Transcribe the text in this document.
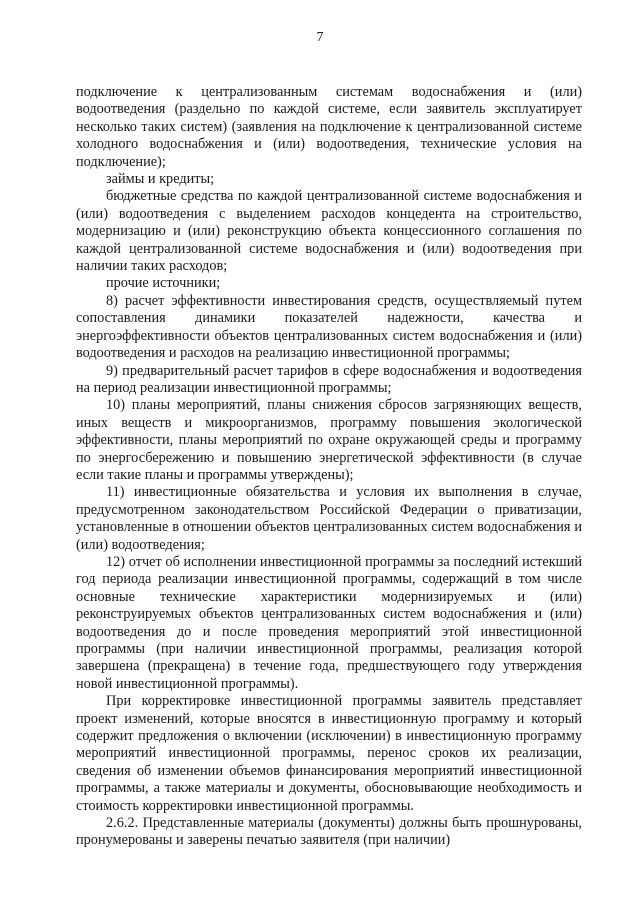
7

подключение к централизованным системам водоснабжения и (или) водоотведения (раздельно по каждой системе, если заявитель эксплуатирует несколько таких систем) (заявления на подключение к централизованной системе холодного водоснабжения и (или) водоотведения, технические условия на подключение);

займы и кредиты;

бюджетные средства по каждой централизованной системе водоснабжения и (или) водоотведения с выделением расходов концедента на строительство, модернизацию и (или) реконструкцию объекта концессионного соглашения по каждой централизованной системе водоснабжения и (или) водоотведения при наличии таких расходов;

прочие источники;

8) расчет эффективности инвестирования средств, осуществляемый путем сопоставления динамики показателей надежности, качества и энергоэффективности объектов централизованных систем водоснабжения и (или) водоотведения и расходов на реализацию инвестиционной программы;

9) предварительный расчет тарифов в сфере водоснабжения и водоотведения на период реализации инвестиционной программы;

10) планы мероприятий, планы снижения сбросов загрязняющих веществ, иных веществ и микроорганизмов, программу повышения экологической эффективности, планы мероприятий по охране окружающей среды и программу по энергосбережению и повышению энергетической эффективности (в случае если такие планы и программы утверждены);

11) инвестиционные обязательства и условия их выполнения в случае, предусмотренном законодательством Российской Федерации о приватизации, установленные в отношении объектов централизованных систем водоснабжения и (или) водоотведения;

12) отчет об исполнении инвестиционной программы за последний истекший год периода реализации инвестиционной программы, содержащий в том числе основные технические характеристики модернизируемых и (или) реконструируемых объектов централизованных систем водоснабжения и (или) водоотведения до и после проведения мероприятий этой инвестиционной программы (при наличии инвестиционной программы, реализация которой завершена (прекращена) в течение года, предшествующего году утверждения новой инвестиционной программы).

При корректировке инвестиционной программы заявитель представляет проект изменений, которые вносятся в инвестиционную программу и который содержит предложения о включении (исключении) в инвестиционную программу мероприятий инвестиционной программы, перенос сроков их реализации, сведения об изменении объемов финансирования мероприятий инвестиционной программы, а также материалы и документы, обосновывающие необходимость и стоимость корректировки инвестиционной программы.

2.6.2. Представленные материалы (документы) должны быть прошнурованы, пронумерованы и заверены печатью заявителя (при наличии)
